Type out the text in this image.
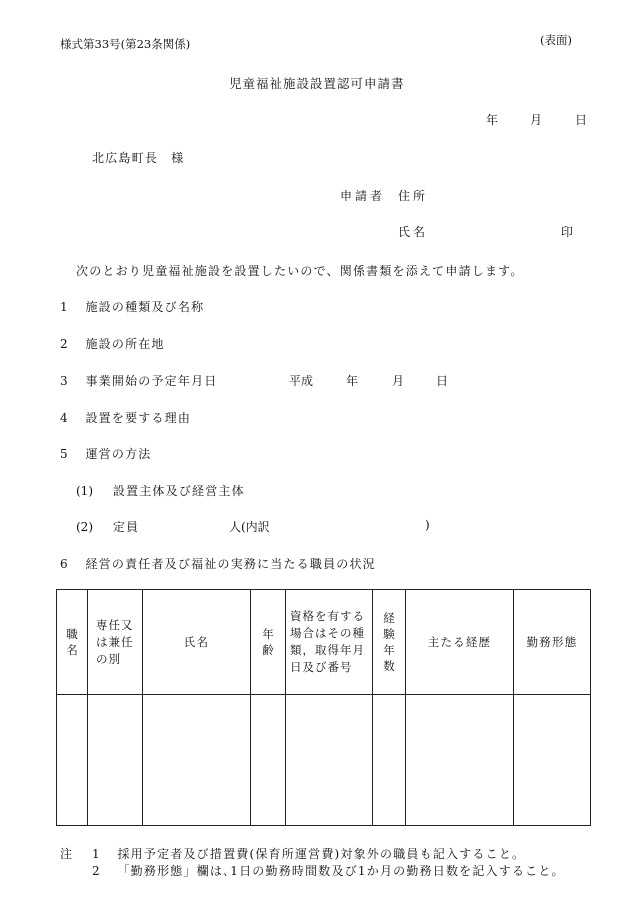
様式第33号(第23条関係)	(表面)
児童福祉施設設置認可申請書
年	月	日
北広島町長　様
申請者 住所
氏名	印
次のとおり児童福祉施設を設置したいので、関係書類を添えて申請します。
1 施設の種類及び名称
2 施設の所在地
3 事業開始の予定年月日	平成	年	月	日
4 設置を要する理由
5 運営の方法
(1) 設置主体及び経営主体
(2) 定員	人(内訳	)
6 経営の責任者及び福祉の実務に当たる職員の状況
職名	専任又は兼任の別	氏名	年齢	資格を有する場合はその種類，取得年月日及び番号	経験年数	主たる経歴	勤務形態

注 1 採用予定者及び措置費(保育所運営費)対象外の職員も記入すること。
2 「勤務形態」欄は､1日の勤務時間数及び1か月の勤務日数を記入すること。
